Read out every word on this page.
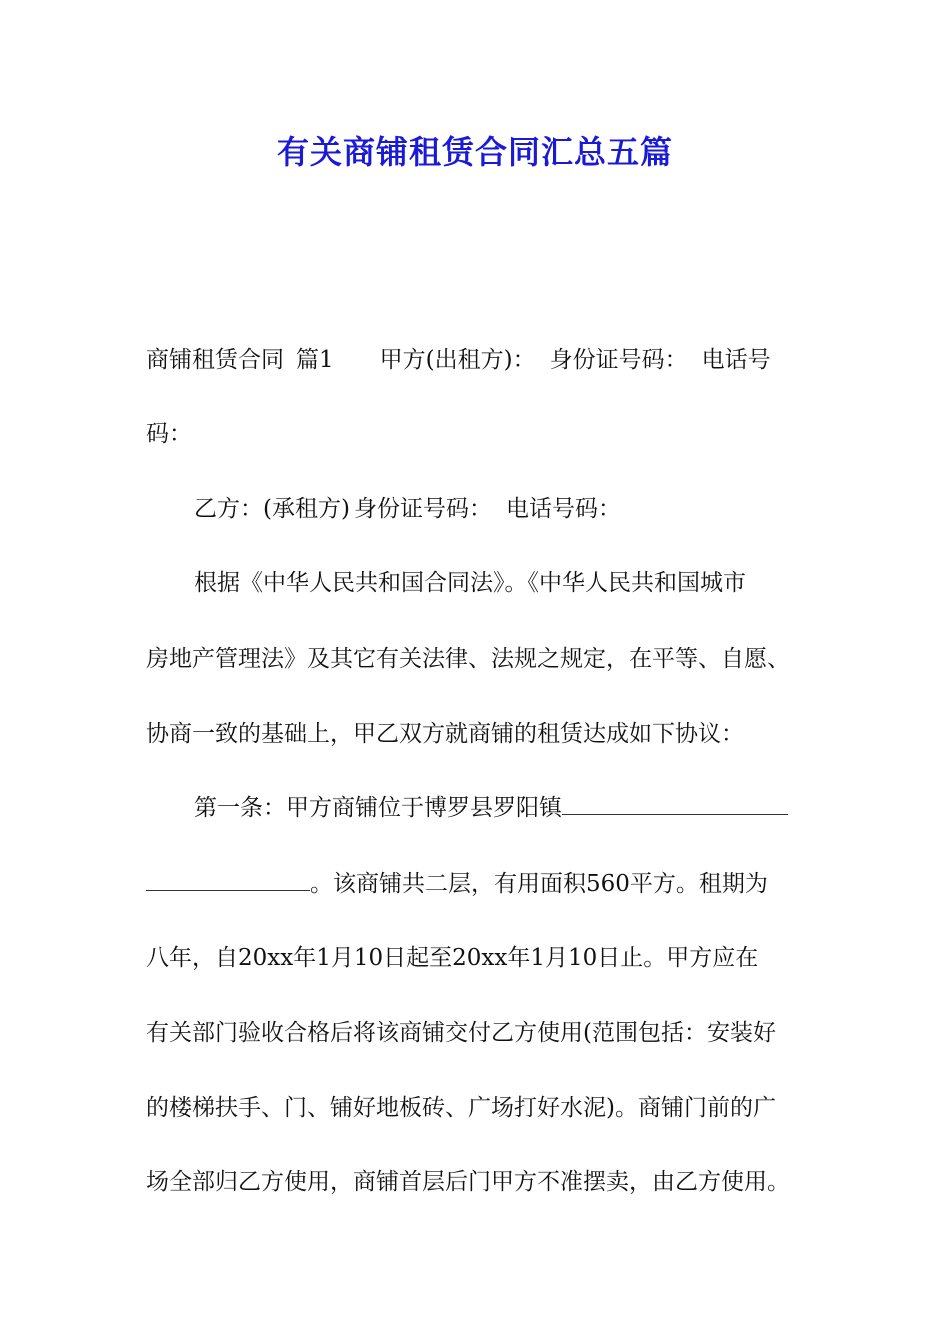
有关商铺租赁合同汇总五篇
商铺租赁合同 篇1 甲方(出租方)： 身份证号码： 电话号
码：
乙方：(承租方) 身份证号码： 电话号码：
根据《中华人民共和国合同法》。《中华人民共和国城市
房地产管理法》及其它有关法律、法规之规定，在平等、自愿、
协商一致的基础上，甲乙双方就商铺的租赁达成如下协议：
第一条：甲方商铺位于博罗县罗阳镇
。该商铺共二层，有用面积560平方。租期为
八年，自20xx年1月10日起至20xx年1月10日止。甲方应在
有关部门验收合格后将该商铺交付乙方使用(范围包括：安装好
的楼梯扶手、门、铺好地板砖、广场打好水泥)。商铺门前的广
场全部归乙方使用，商铺首层后门甲方不准摆卖，由乙方使用。
